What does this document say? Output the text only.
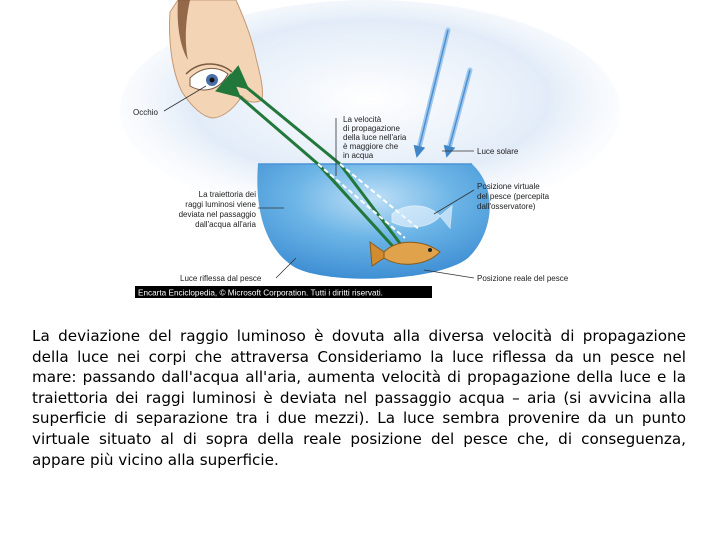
Occhio
La velocità
di propagazione
della luce nell'aria
è maggiore che
in acqua	Luce solare
La traiettoria dei
raggi luminosi viene
deviata nel passaggio
dall'acqua all'aria
Posizione virtuale
del pesce (percepita
dall'osservatore)
Luce riflessa dal pesce	Posizione reale del pesce
Encarta Enciclopedia, © Microsoft Corporation. Tutti i diritti riservati.

La deviazione del raggio luminoso è dovuta alla diversa velocità di propagazione della luce nei corpi che attraversa Consideriamo la luce riflessa da un pesce nel mare: passando dall'acqua all'aria, aumenta velocità di propagazione della luce e la traiettoria dei raggi luminosi è deviata nel passaggio acqua – aria (si avvicina alla superficie di separazione tra i due mezzi). La luce sembra provenire da un punto virtuale situato al di sopra della reale posizione del pesce che, di conseguenza, appare più vicino alla superficie.
